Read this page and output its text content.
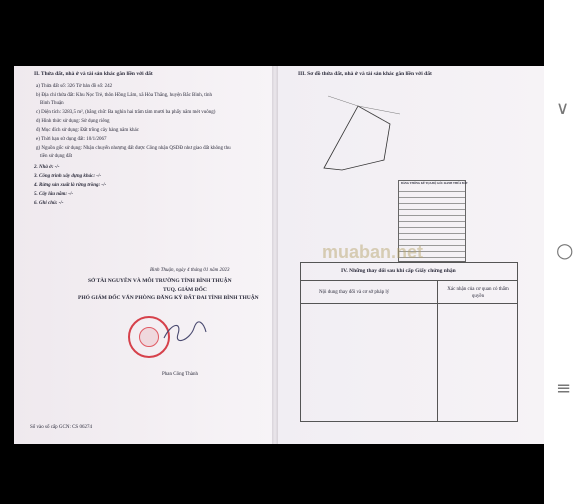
II. Thửa đất, nhà ở và tài sản khác gắn liền với đất
a) Thửa đất số: 326 Tờ bản đồ số: 242
b) Địa chỉ thửa đất: Khu Nọc Trè, thôn Hồng Lâm, xã Hòa Thắng, huyện Bắc Bình, tỉnh
Bình Thuận
c) Diện tích: 3283,5 m², (bằng chữ: Ba nghìn hai trăm tám mươi ba phẩy năm mét vuông)
d) Hình thức sử dụng: Sử dụng riêng
đ) Mục đích sử dụng: Đất trồng cây hàng năm khác
e) Thời hạn sử dụng đất: 10/1/2067
g) Nguồn gốc sử dụng: Nhận chuyển nhượng đất được Công nhận QSDĐ như giao đất không thu
tiền sử dụng đất
2. Nhà ở: -/-
3. Công trình xây dựng khác: -/-
4. Rừng sản xuất là rừng trồng: -/-
5. Cây lâu năm: -/-
6. Ghi chú: -/-
Bình Thuận, ngày 4 tháng 01 năm 2023
SỞ TÀI NGUYÊN VÀ MÔI TRƯỜNG TỈNH BÌNH THUẬN
TUQ. GIÁM ĐỐC
PHÓ GIÁM ĐỐC VĂN PHÒNG ĐĂNG KÝ ĐẤT ĐAI TỈNH BÌNH THUẬN
Phan Công Thành
Số vào sổ cấp GCN: CS 06274
III. Sơ đồ thửa đất, nhà ở và tài sản khác gắn liền với đất
BẢNG THỐNG KÊ TỌA ĐỘ GÓC RANH THỬA ĐẤT
muaban.net
IV. Những thay đổi sau khi cấp Giấy chứng nhận
Nội dung thay đổi và cơ sở pháp lý
Xác nhận của cơ quan có thẩm quyền
∨
○
≡
